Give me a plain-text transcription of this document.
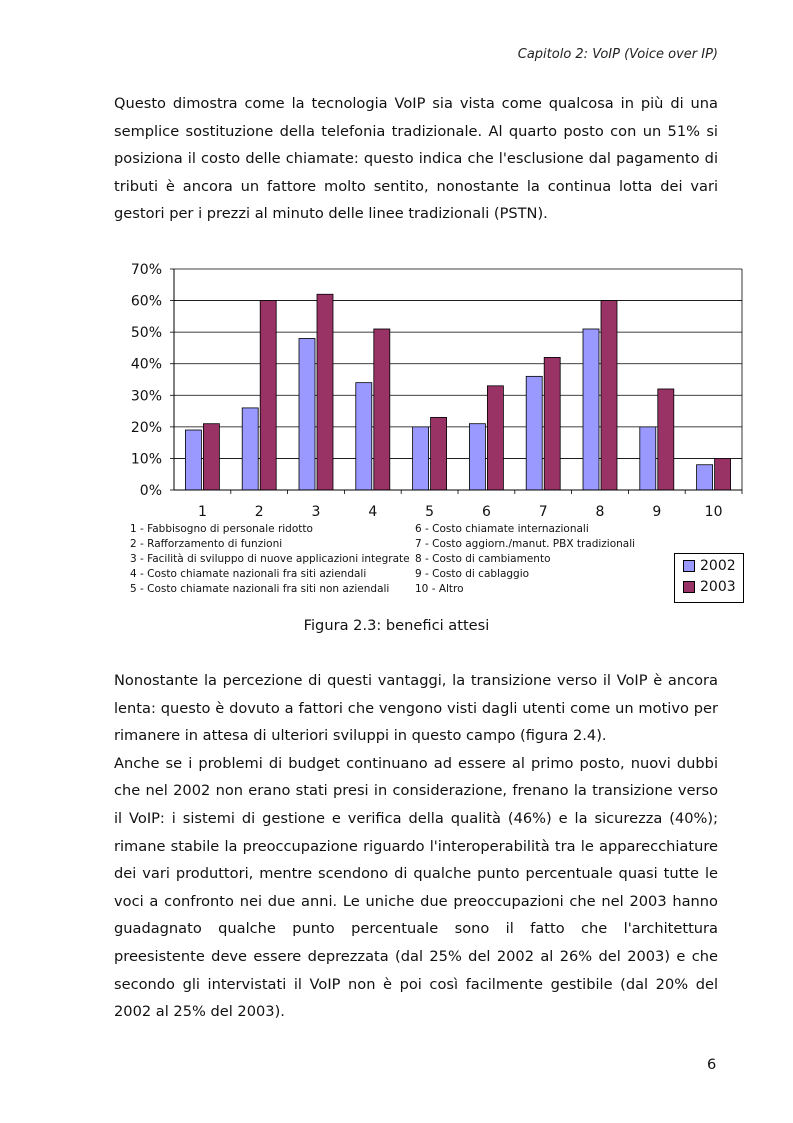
Capitolo 2: VoIP (Voice over IP)

Questo dimostra come la tecnologia VoIP sia vista come qualcosa in più di una semplice sostituzione della telefonia tradizionale. Al quarto posto con un 51% si posiziona il costo delle chiamate: questo indica che l'esclusione dal pagamento di tributi è ancora un fattore molto sentito, nonostante la continua lotta dei vari gestori per i prezzi al minuto delle linee tradizionali (PSTN).

0%
10%
20%
30%
40%
50%
60%
70%
1	2	3	4	5	6	7	8	9	10
1 - Fabbisogno di personale ridotto
2 - Rafforzamento di funzioni
3 - Facilità di sviluppo di nuove applicazioni integrate
4 - Costo chiamate nazionali fra siti aziendali
5 - Costo chiamate nazionali fra siti non aziendali
6 - Costo chiamate internazionali
7 - Costo aggiorn./manut. PBX tradizionali
8 - Costo di cambiamento
9 - Costo di cablaggio
10 - Altro
2002
2003
Figura 2.3: benefici attesi
Nonostante la percezione di questi vantaggi, la transizione verso il VoIP è ancora lenta: questo è dovuto a fattori che vengono visti dagli utenti come un motivo per rimanere in attesa di ulteriori sviluppi in questo campo (figura 2.4).
Anche se i problemi di budget continuano ad essere al primo posto, nuovi dubbi che nel 2002 non erano stati presi in considerazione, frenano la transizione verso il VoIP: i sistemi di gestione e verifica della qualità (46%) e la sicurezza (40%); rimane stabile la preoccupazione riguardo l'interoperabilità tra le apparecchiature dei vari produttori, mentre scendono di qualche punto percentuale quasi tutte le voci a confronto nei due anni. Le uniche due preoccupazioni che nel 2003 hanno guadagnato qualche punto percentuale sono il fatto che l'architettura preesistente deve essere deprezzata (dal 25% del 2002 al 26% del 2003) e che secondo gli intervistati il VoIP non è poi così facilmente gestibile (dal 20% del 2002 al 25% del 2003).
6
